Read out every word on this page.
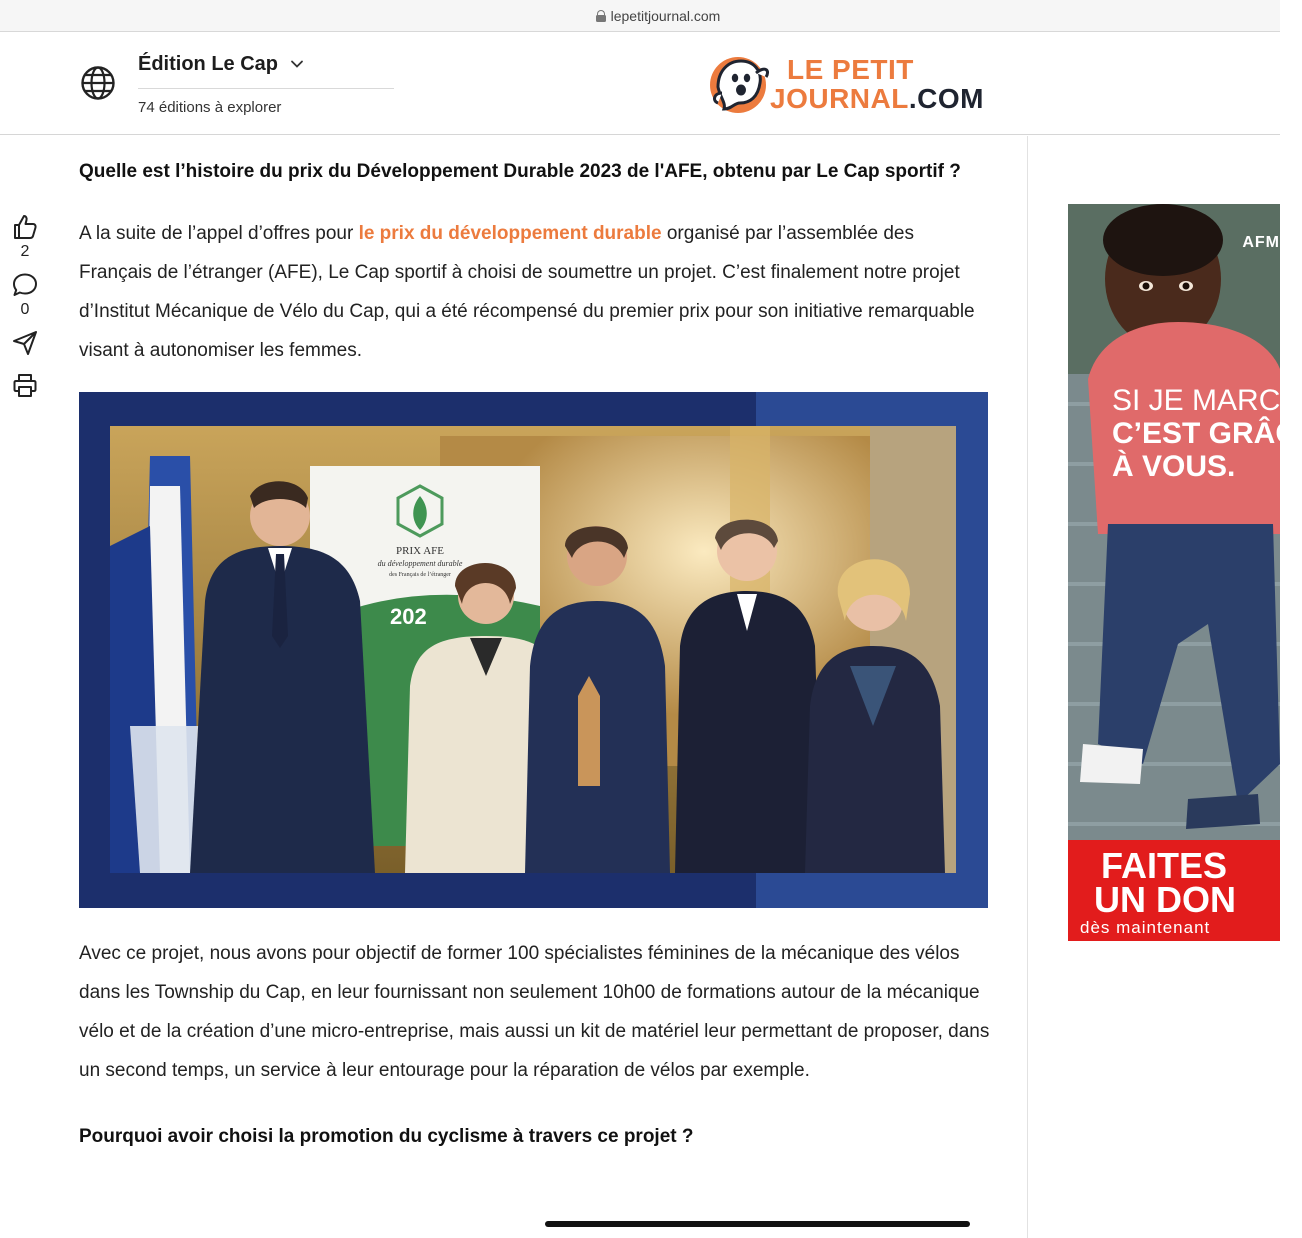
lepetitjournal.com
Édition Le Cap
74 éditions à explorer
LE PETIT
JOURNAL.COM
2
0
Quelle est l’histoire du prix du Développement Durable 2023 de l'AFE, obtenu par Le Cap sportif ?

A la suite de l’appel d’offres pour le prix du développement durable organisé par l’assemblée des Français de l’étranger (AFE), Le Cap sportif à choisi de soumettre un projet. C’est finalement notre projet d’Institut Mécanique de Vélo du Cap, qui a été récompensé du premier prix pour son initiative remarquable visant à autonomiser les femmes.

PRIX AFE
du développement durable
des Français de l’étranger
202

Avec ce projet, nous avons pour objectif de former 100 spécialistes féminines de la mécanique des vélos dans les Township du Cap, en leur fournissant non seulement 10h00 de formations autour de la mécanique vélo et de la création d’une micro-entreprise, mais aussi un kit de matériel leur permettant de proposer, dans un second temps, un service à leur entourage pour la réparation de vélos par exemple.

Pourquoi avoir choisi la promotion du cyclisme à travers ce projet ?
AFM
SI JE MARCH
C’EST GRÂC
À VOUS.
FAITES
UN DON
dès maintenant
